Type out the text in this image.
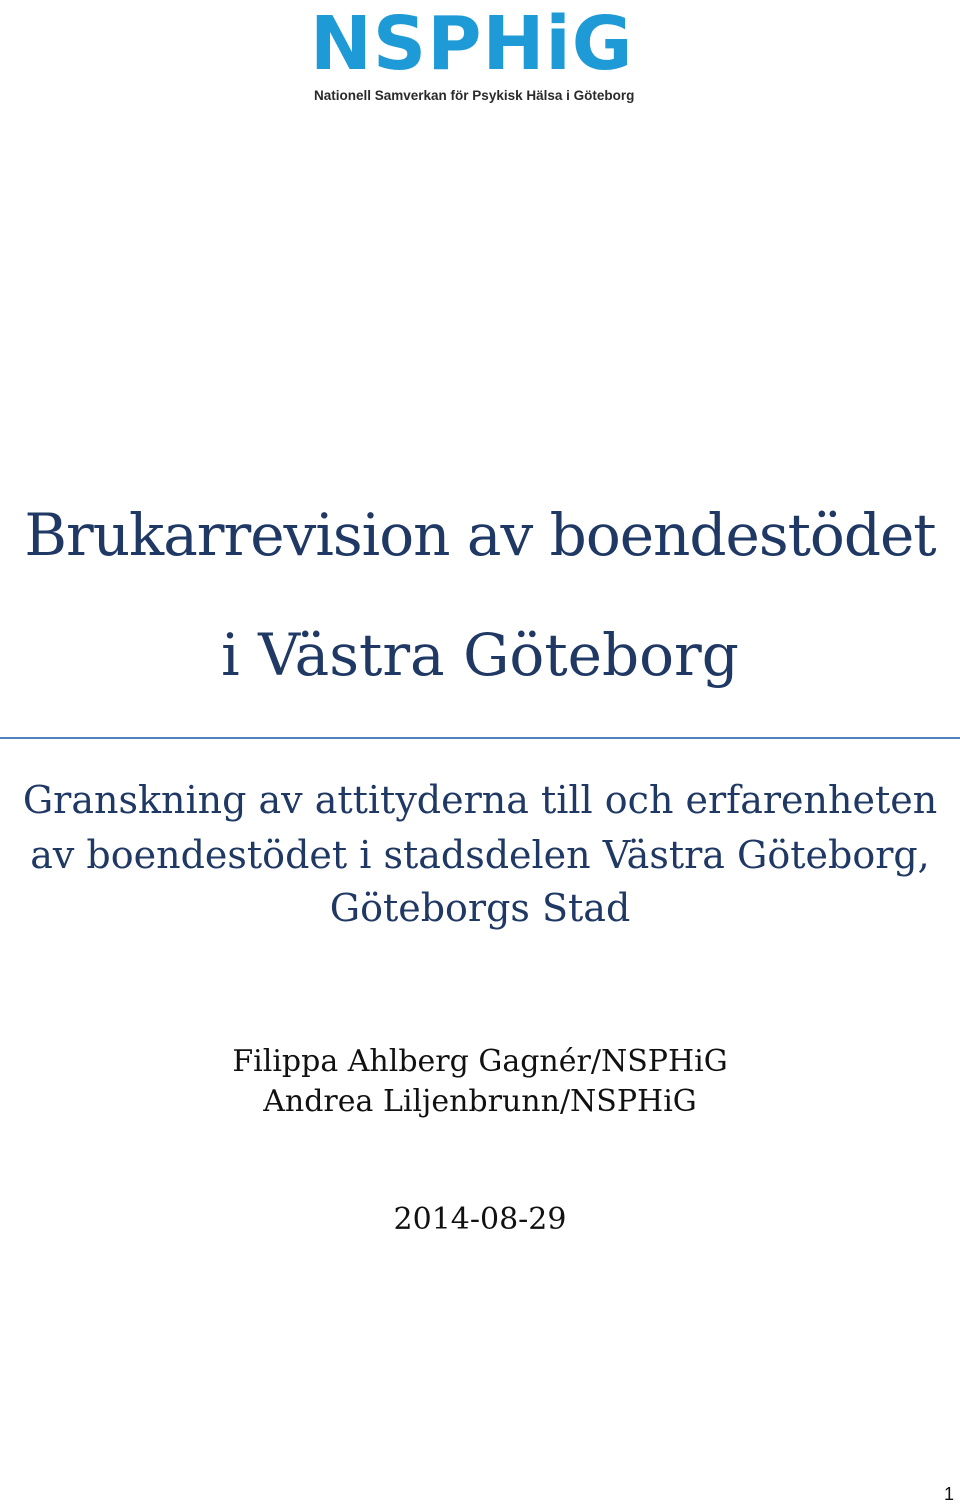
NSPHiG
Nationell Samverkan för Psykisk Hälsa i Göteborg
Brukarrevision av boendestödet
i Västra Göteborg
Granskning av attityderna till och erfarenheten
av boendestödet i stadsdelen Västra Göteborg,
Göteborgs Stad
Filippa Ahlberg Gagnér/NSPHiG
Andrea Liljenbrunn/NSPHiG
2014-08-29
1
